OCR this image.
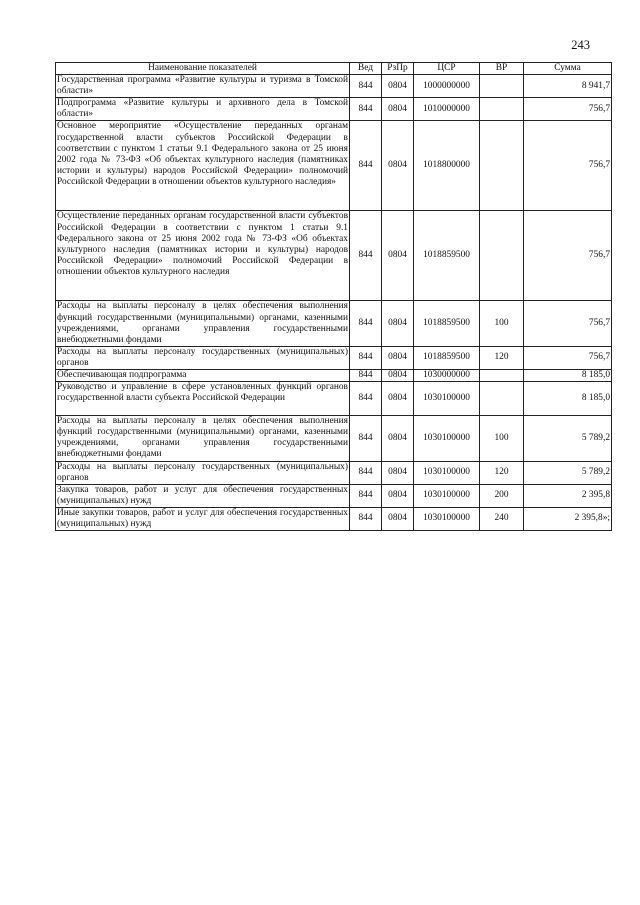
243
Наименование показателей	Вед	РзПр	ЦСР	ВР	Сумма
Государственная программа «Развитие культуры и туризма в Томской области»	844	0804	1000000000		8 941,7
Подпрограмма «Развитие культуры и архивного дела в Томской области»	844	0804	1010000000		756,7
Основное мероприятие «Осуществление переданных органам государственной власти субъектов Российской Федерации в соответствии с пунктом 1 статьи 9.1 Федерального закона от 25 июня 2002 года № 73-ФЗ «Об объектах культурного наследия (памятниках истории и культуры) народов Российской Федерации» полномочий Российской Федерации в отношении объектов культурного наследия»	844	0804	1018800000		756,7
Осуществление переданных органам государственной власти субъектов Российской Федерации в соответствии с пунктом 1 статьи 9.1 Федерального закона от 25 июня 2002 года № 73-ФЗ «Об объектах культурного наследия (памятниках истории и культуры) народов Российской Федерации» полномочий Российской Федерации в отношении объектов культурного наследия	844	0804	1018859500		756,7
Расходы на выплаты персоналу в целях обеспечения выполнения функций государственными (муниципальными) органами, казенными учреждениями, органами управления государственными внебюджетными фондами	844	0804	1018859500	100	756,7
Расходы на выплаты персоналу государственных (муниципальных) органов	844	0804	1018859500	120	756,7
Обеспечивающая подпрограмма	844	0804	1030000000		8 185,0
Руководство и управление в сфере установленных функций органов государственной власти субъекта Российской Федерации	844	0804	1030100000		8 185,0
Расходы на выплаты персоналу в целях обеспечения выполнения функций государственными (муниципальными) органами, казенными учреждениями, органами управления государственными внебюджетными фондами	844	0804	1030100000	100	5 789,2
Расходы на выплаты персоналу государственных (муниципальных) органов	844	0804	1030100000	120	5 789,2
Закупка товаров, работ и услуг для обеспечения государственных (муниципальных) нужд	844	0804	1030100000	200	2 395,8
Иные закупки товаров, работ и услуг для обеспечения государственных (муниципальных) нужд	844	0804	1030100000	240	2 395,8»;
